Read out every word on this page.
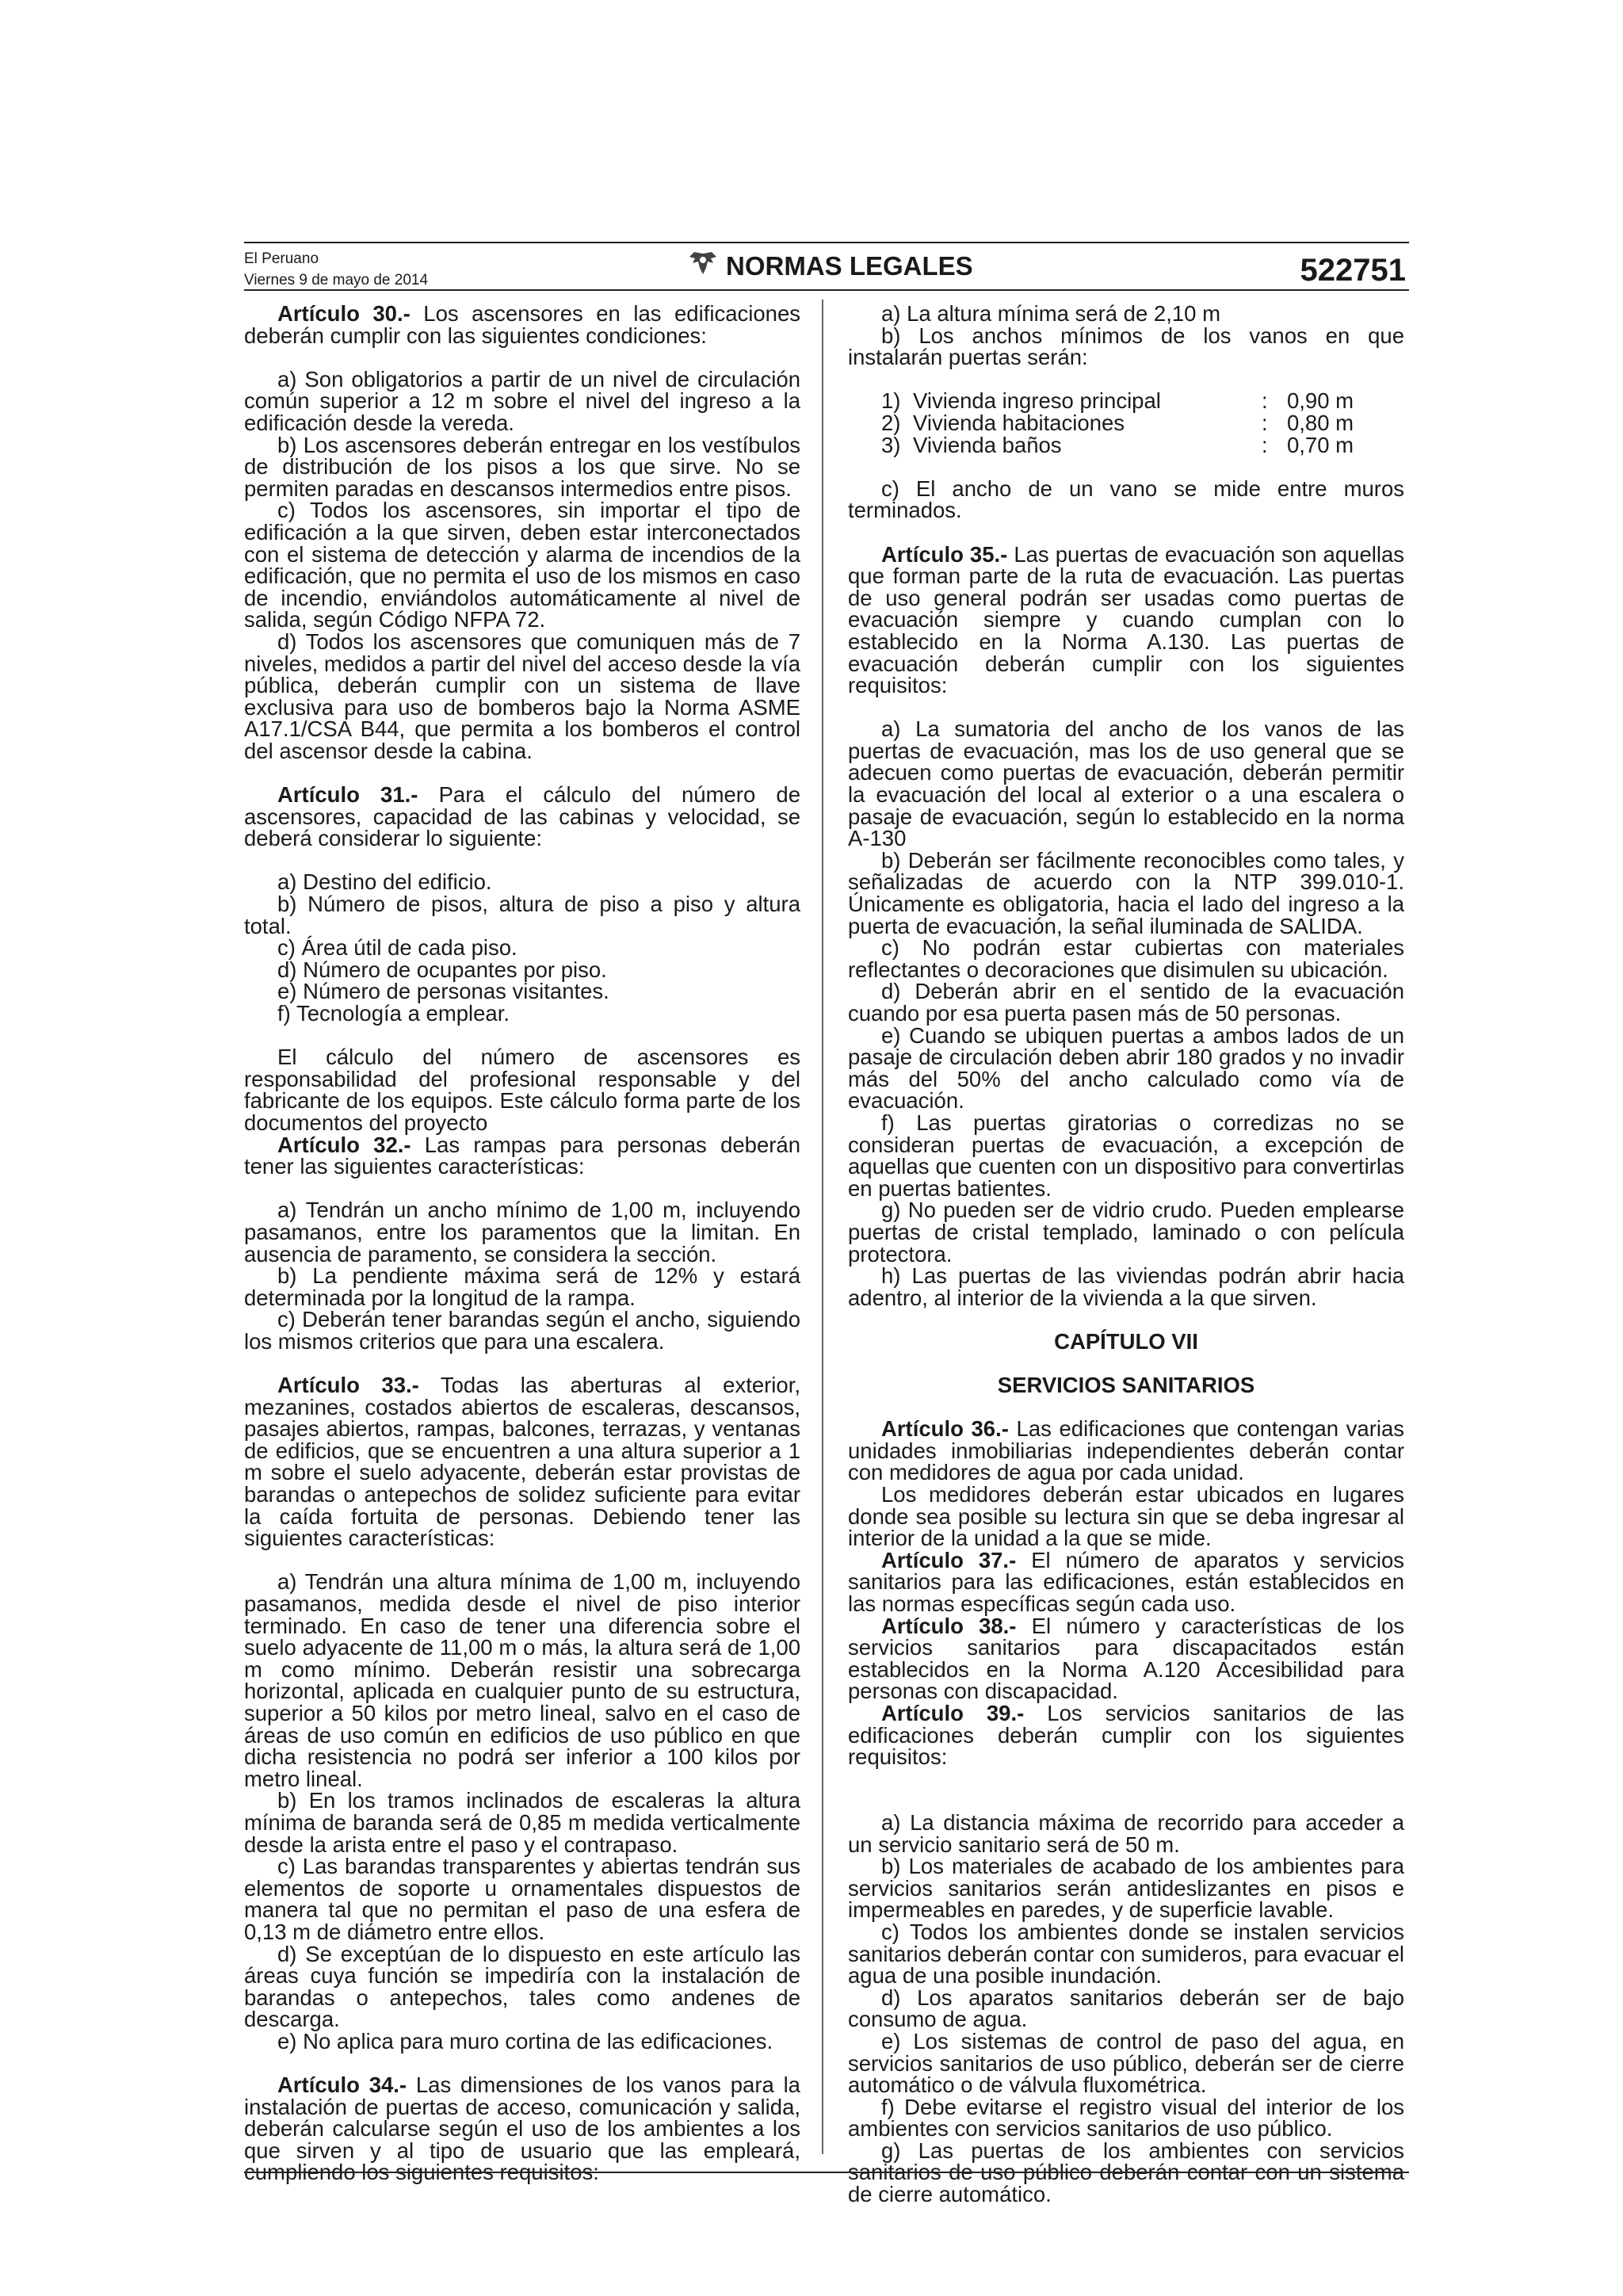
El Peruano
Viernes 9 de mayo de 2014	NORMAS LEGALES	522751

Artículo 30.- Los ascensores en las edificaciones deberán cumplir con las siguientes condiciones:

a) Son obligatorios a partir de un nivel de circulación común superior a 12 m sobre el nivel del ingreso a la edificación desde la vereda.

b) Los ascensores deberán entregar en los vestíbulos de distribución de los pisos a los que sirve. No se permiten paradas en descansos intermedios entre pisos.

c) Todos los ascensores, sin importar el tipo de edificación a la que sirven, deben estar interconectados con el sistema de detección y alarma de incendios de la edificación, que no permita el uso de los mismos en caso de incendio, enviándolos automáticamente al nivel de salida, según Código NFPA 72.

d) Todos los ascensores que comuniquen más de 7 niveles, medidos a partir del nivel del acceso desde la vía pública, deberán cumplir con un sistema de llave exclusiva para uso de bomberos bajo la Norma ASME A17.1/CSA B44, que permita a los bomberos el control del ascensor desde la cabina.

Artículo 31.- Para el cálculo del número de ascensores, capacidad de las cabinas y velocidad, se deberá considerar lo siguiente:

a) Destino del edificio.

b) Número de pisos, altura de piso a piso y altura total.

c) Área útil de cada piso.

d) Número de ocupantes por piso.

e) Número de personas visitantes.

f) Tecnología a emplear.

El cálculo del número de ascensores es responsabilidad del profesional responsable y del fabricante de los equipos. Este cálculo forma parte de los documentos del proyecto

Artículo 32.- Las rampas para personas deberán tener las siguientes características:

a) Tendrán un ancho mínimo de 1,00 m, incluyendo pasamanos, entre los paramentos que la limitan. En ausencia de paramento, se considera la sección.

b) La pendiente máxima será de 12% y estará determinada por la longitud de la rampa.

c) Deberán tener barandas según el ancho, siguiendo los mismos criterios que para una escalera.

Artículo 33.- Todas las aberturas al exterior, mezanines, costados abiertos de escaleras, descansos, pasajes abiertos, rampas, balcones, terrazas, y ventanas de edificios, que se encuentren a una altura superior a 1 m sobre el suelo adyacente, deberán estar provistas de barandas o antepechos de solidez suficiente para evitar la caída fortuita de personas. Debiendo tener las siguientes características:

a) Tendrán una altura mínima de 1,00 m, incluyendo pasamanos, medida desde el nivel de piso interior terminado. En caso de tener una diferencia sobre el suelo adyacente de 11,00 m o más, la altura será de 1,00 m como mínimo. Deberán resistir una sobrecarga horizontal, aplicada en cualquier punto de su estructura, superior a 50 kilos por metro lineal, salvo en el caso de áreas de uso común en edificios de uso público en que dicha resistencia no podrá ser inferior a 100 kilos por metro lineal.

b) En los tramos inclinados de escaleras la altura mínima de baranda será de 0,85 m medida verticalmente desde la arista entre el paso y el contrapaso.

c) Las barandas transparentes y abiertas tendrán sus elementos de soporte u ornamentales dispuestos de manera tal que no permitan el paso de una esfera de 0,13 m de diámetro entre ellos.

d) Se exceptúan de lo dispuesto en este artículo las áreas cuya función se impediría con la instalación de barandas o antepechos, tales como andenes de descarga.

e) No aplica para muro cortina de las edificaciones.

Artículo 34.- Las dimensiones de los vanos para la instalación de puertas de acceso, comunicación y salida, deberán calcularse según el uso de los ambientes a los que sirven y al tipo de usuario que las empleará, cumpliendo los siguientes requisitos:

a) La altura mínima será de 2,10 m

b) Los anchos mínimos de los vanos en que instalarán puertas serán:

1) Vivienda ingreso principal	: 0,90 m
2) Vivienda habitaciones	: 0,80 m
3) Vivienda baños	: 0,70 m

c) El ancho de un vano se mide entre muros terminados.

Artículo 35.- Las puertas de evacuación son aquellas que forman parte de la ruta de evacuación. Las puertas de uso general podrán ser usadas como puertas de evacuación siempre y cuando cumplan con lo establecido en la Norma A.130. Las puertas de evacuación deberán cumplir con los siguientes requisitos:

a) La sumatoria del ancho de los vanos de las puertas de evacuación, mas los de uso general que se adecuen como puertas de evacuación, deberán permitir la evacuación del local al exterior o a una escalera o pasaje de evacuación, según lo establecido en la norma A-130

b) Deberán ser fácilmente reconocibles como tales, y señalizadas de acuerdo con la NTP 399.010-1. Únicamente es obligatoria, hacia el lado del ingreso a la puerta de evacuación, la señal iluminada de SALIDA.

c) No podrán estar cubiertas con materiales reflectantes o decoraciones que disimulen su ubicación.

d) Deberán abrir en el sentido de la evacuación cuando por esa puerta pasen más de 50 personas.

e) Cuando se ubiquen puertas a ambos lados de un pasaje de circulación deben abrir 180 grados y no invadir más del 50% del ancho calculado como vía de evacuación.

f) Las puertas giratorias o corredizas no se consideran puertas de evacuación, a excepción de aquellas que cuenten con un dispositivo para convertirlas en puertas batientes.

g) No pueden ser de vidrio crudo. Pueden emplearse puertas de cristal templado, laminado o con película protectora.

h) Las puertas de las viviendas podrán abrir hacia adentro, al interior de la vivienda a la que sirven.

CAPÍTULO VII

SERVICIOS SANITARIOS

Artículo 36.- Las edificaciones que contengan varias unidades inmobiliarias independientes deberán contar con medidores de agua por cada unidad.

Los medidores deberán estar ubicados en lugares donde sea posible su lectura sin que se deba ingresar al interior de la unidad a la que se mide.

Artículo 37.- El número de aparatos y servicios sanitarios para las edificaciones, están establecidos en las normas específicas según cada uso.

Artículo 38.- El número y características de los servicios sanitarios para discapacitados están establecidos en la Norma A.120 Accesibilidad para personas con discapacidad.

Artículo 39.- Los servicios sanitarios de las edificaciones deberán cumplir con los siguientes requisitos:

a) La distancia máxima de recorrido para acceder a un servicio sanitario será de 50 m.

b) Los materiales de acabado de los ambientes para servicios sanitarios serán antideslizantes en pisos e impermeables en paredes, y de superficie lavable.

c) Todos los ambientes donde se instalen servicios sanitarios deberán contar con sumideros, para evacuar el agua de una posible inundación.

d) Los aparatos sanitarios deberán ser de bajo consumo de agua.

e) Los sistemas de control de paso del agua, en servicios sanitarios de uso público, deberán ser de cierre automático o de válvula fluxométrica.

f) Debe evitarse el registro visual del interior de los ambientes con servicios sanitarios de uso público.

g) Las puertas de los ambientes con servicios sanitarios de uso público deberán contar con un sistema de cierre automático.
